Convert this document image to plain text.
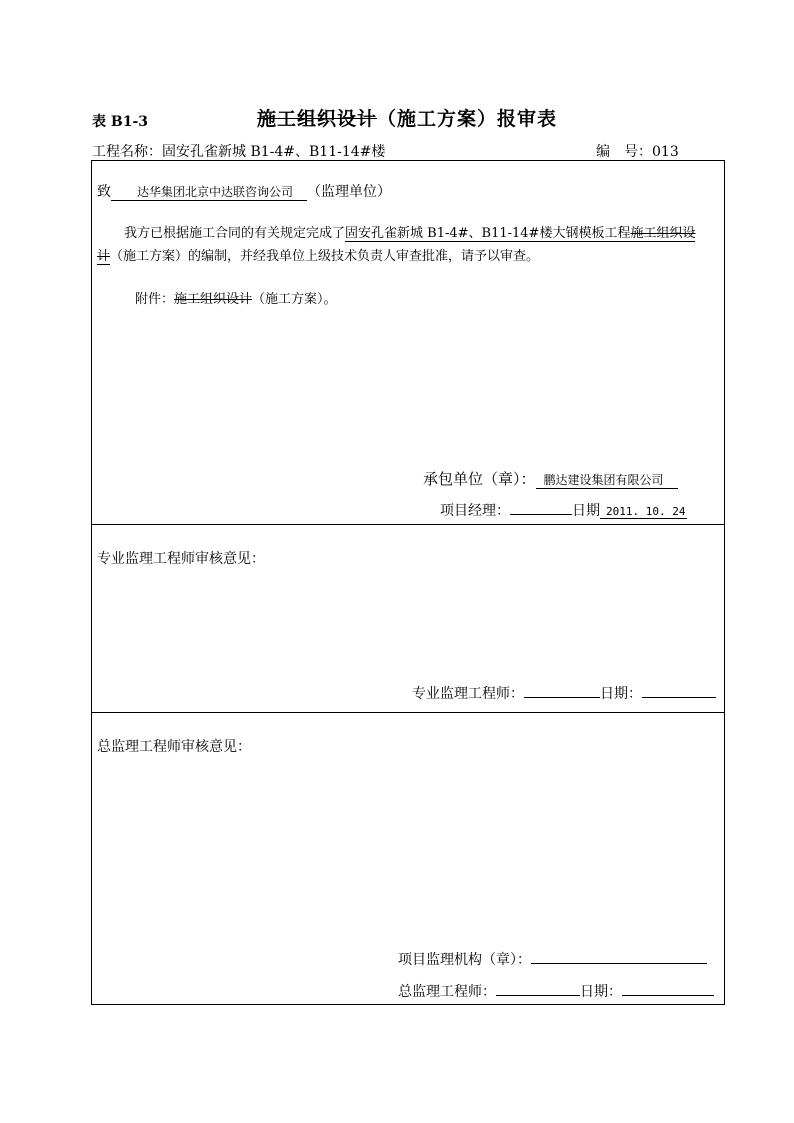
表 B1-3	施工组织设计（施工方案）报审表
工程名称：固安孔雀新城 B1-4#、B11-14#楼	编　号：013
致 达华集团北京中达联咨询公司 （监理单位）
我方已根据施工合同的有关规定完成了固安孔雀新城 B1-4#、B11-14#楼大钢模板工程施工组织设
计（施工方案）的编制，并经我单位上级技术负责人审查批准，请予以审查。
附件：施工组织设计（施工方案）。
承包单位（章）： 鹏达建设集团有限公司
项目经理：	日期 2011. 10. 24
专业监理工程师审核意见：
专业监理工程师：	日期：
总监理工程师审核意见：
项目监理机构（章）：
总监理工程师：	日期：
